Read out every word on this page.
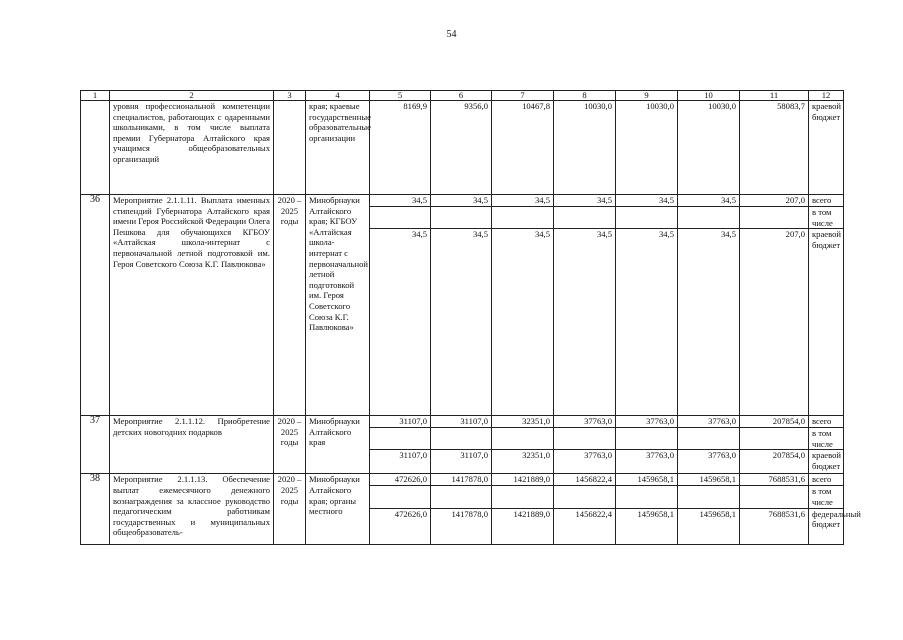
54
1	2	3	4	5	6	7	8	9	10	11	12
	уровня профессиональной компетенции специалистов, работающих с одаренными школьниками, в том числе выплата премии Губернатора Алтайского края учащимся общеобразовательных организаций		края; краевые государственные образовательные организации	8169,9	9356,0	10467,8	10030,0	10030,0	10030,0	58083,7	краевой бюджет
36	Мероприятие 2.1.1.11. Выплата именных стипендий Губернатора Алтайского края имени Героя Российской Федерации Олега Пешкова для обучающихся КГБОУ «Алтайская школа-интернат с первоначальной летной подготовкой им. Героя Советского Союза К.Г. Павлюкова»	2020 – 2025 годы	Минобрнауки Алтайского края; КГБОУ «Алтайская школа-интернат с первоначальной летной подготовкой им. Героя Советского Союза К.Г. Павлюкова»	34,5	34,5	34,5	34,5	34,5	34,5	207,0	всего
											в том числе
				34,5	34,5	34,5	34,5	34,5	34,5	207,0	краевой бюджет
37	Мероприятие 2.1.1.12. Приобретение детских новогодних подарков	2020 – 2025 годы	Минобрнауки Алтайского края	31107,0	31107,0	32351,0	37763,0	37763,0	37763,0	207854,0	всего
											в том числе
				31107,0	31107,0	32351,0	37763,0	37763,0	37763,0	207854,0	краевой бюджет
38	Мероприятие 2.1.1.13. Обеспечение выплат ежемесячного денежного вознаграждения за классное руководство педагогическим работникам государственных и муниципальных общеобразователь-	2020 – 2025 годы	Минобрнауки Алтайского края; органы местного	472626,0	1417878,0	1421889,0	1456822,4	1459658,1	1459658,1	7688531,6	всего
											в том числе
				472626,0	1417878,0	1421889,0	1456822,4	1459658,1	1459658,1	7688531,6	федеральный бюджет
